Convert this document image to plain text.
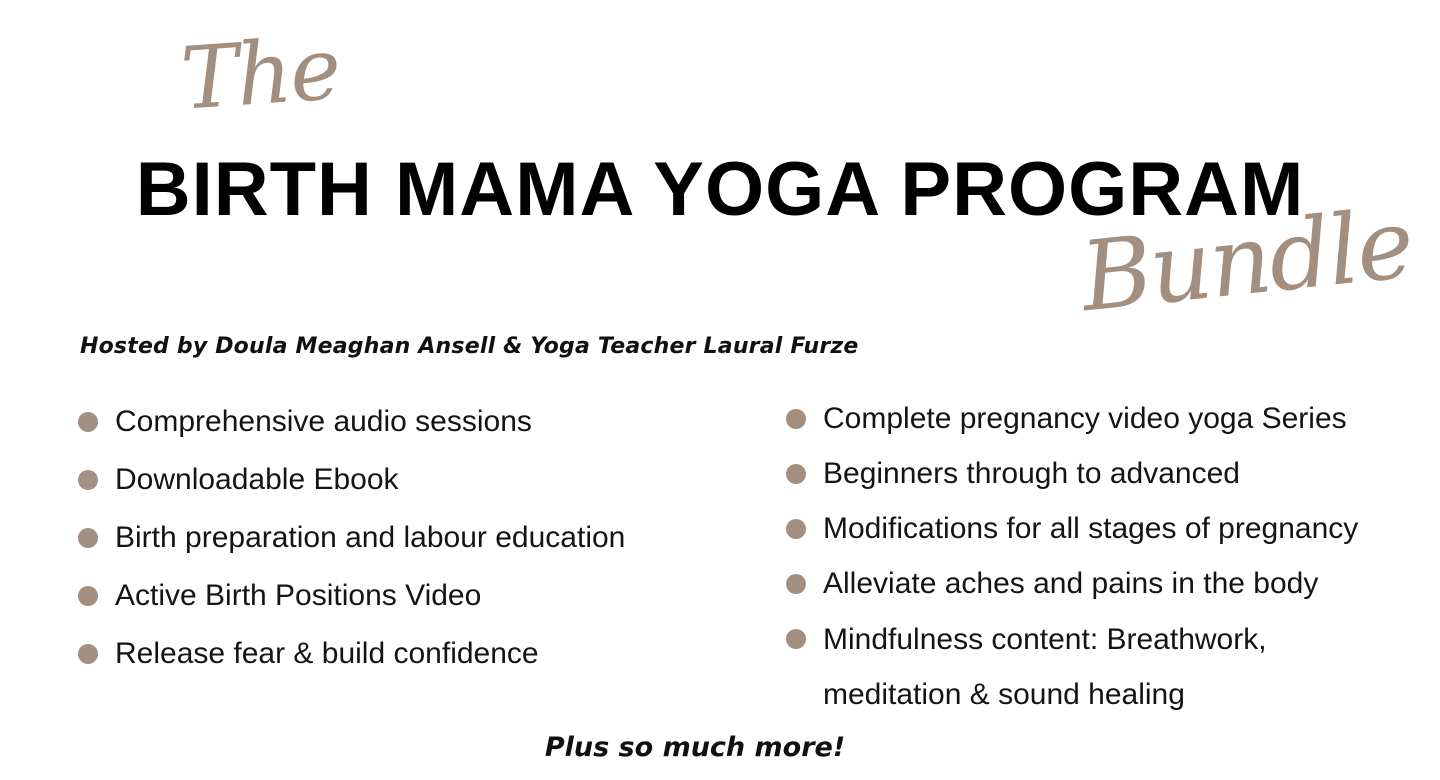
The
BIRTH MAMA YOGA PROGRAM
Bundle
Hosted by Doula Meaghan Ansell & Yoga Teacher Laural Furze
Comprehensive audio sessions
Downloadable Ebook
Birth preparation and labour education
Active Birth Positions Video
Release fear & build confidence
Complete pregnancy video yoga Series
Beginners through to advanced
Modifications for all stages of pregnancy
Alleviate aches and pains in the body
Mindfulness content: Breathwork, meditation & sound healing
Plus so much more!
